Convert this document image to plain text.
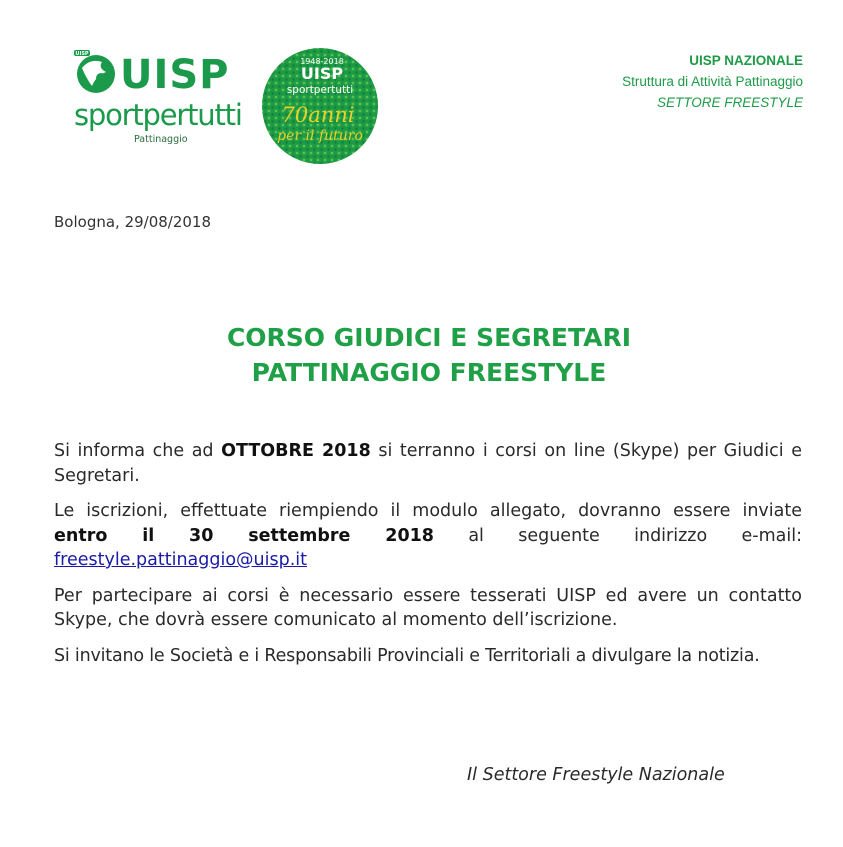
UISP UISP
sportpertutti
Pattinaggio
1948-2018
UISP
sportpertutti
70anni
per il futuro
UISP NAZIONALE
Struttura di Attività Pattinaggio
SETTORE FREESTYLE
Bologna, 29/08/2018
CORSO GIUDICI E SEGRETARI
PATTINAGGIO FREESTYLE

Si informa che ad OTTOBRE 2018 si terranno i corsi on line (Skype) per Giudici e Segretari.

Le iscrizioni, effettuate riempiendo il modulo allegato, dovranno essere inviate entro il 30 settembre 2018 al seguente indirizzo e-mail: freestyle.pattinaggio@uisp.it

Per partecipare ai corsi è necessario essere tesserati UISP ed avere un contatto Skype, che dovrà essere comunicato al momento dell’iscrizione.

Si invitano le Società e i Responsabili Provinciali e Territoriali a divulgare la notizia.

Il Settore Freestyle Nazionale
